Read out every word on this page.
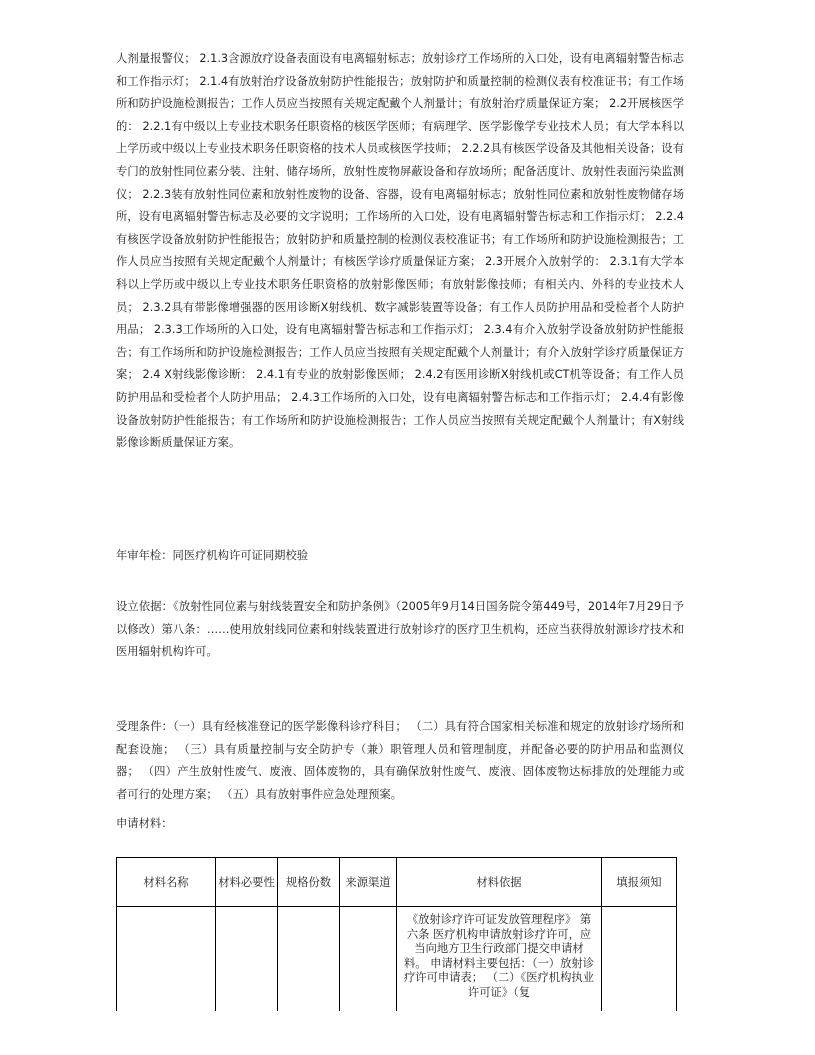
人剂量报警仪； 2.1.3含源放疗设备表面设有电离辐射标志；放射诊疗工作场所的入口处，设有电离辐射警告标志和工作指示灯； 2.1.4有放射治疗设备放射防护性能报告；放射防护和质量控制的检测仪表有校准证书；有工作场所和防护设施检测报告；工作人员应当按照有关规定配戴个人剂量计；有放射治疗质量保证方案； 2.2开展核医学的： 2.2.1有中级以上专业技术职务任职资格的核医学医师；有病理学、医学影像学专业技术人员；有大学本科以上学历或中级以上专业技术职务任职资格的技术人员或核医学技师； 2.2.2具有核医学设备及其他相关设备；设有专门的放射性同位素分装、注射、储存场所，放射性废物屏蔽设备和存放场所；配备活度计、放射性表面污染监测仪； 2.2.3装有放射性同位素和放射性废物的设备、容器，设有电离辐射标志；放射性同位素和放射性废物储存场所，设有电离辐射警告标志及必要的文字说明；工作场所的入口处，设有电离辐射警告标志和工作指示灯； 2.2.4有核医学设备放射防护性能报告；放射防护和质量控制的检测仪表校准证书；有工作场所和防护设施检测报告；工作人员应当按照有关规定配戴个人剂量计；有核医学诊疗质量保证方案； 2.3开展介入放射学的： 2.3.1有大学本科以上学历或中级以上专业技术职务任职资格的放射影像医师；有放射影像技师；有相关内、外科的专业技术人员； 2.3.2具有带影像增强器的医用诊断X射线机、数字减影装置等设备；有工作人员防护用品和受检者个人防护用品； 2.3.3工作场所的入口处，设有电离辐射警告标志和工作指示灯； 2.3.4有介入放射学设备放射防护性能报告；有工作场所和防护设施检测报告；工作人员应当按照有关规定配戴个人剂量计；有介入放射学诊疗质量保证方案； 2.4 X射线影像诊断： 2.4.1有专业的放射影像医师； 2.4.2有医用诊断X射线机或CT机等设备；有工作人员防护用品和受检者个人防护用品； 2.4.3工作场所的入口处，设有电离辐射警告标志和工作指示灯； 2.4.4有影像设备放射防护性能报告；有工作场所和防护设施检测报告；工作人员应当按照有关规定配戴个人剂量计；有X射线影像诊断质量保证方案。

年审年检：同医疗机构许可证同期校验

设立依据：《放射性同位素与射线装置安全和防护条例》（2005年9月14日国务院令第449号，2014年7月29日予以修改）第八条：……使用放射线同位素和射线装置进行放射诊疗的医疗卫生机构，还应当获得放射源诊疗技术和医用辐射机构许可。

受理条件：（一）具有经核准登记的医学影像科诊疗科目； （二）具有符合国家相关标准和规定的放射诊疗场所和配套设施； （三）具有质量控制与安全防护专（兼）职管理人员和管理制度，并配备必要的防护用品和监测仪器； （四）产生放射性废气、废液、固体废物的，具有确保放射性废气、废液、固体废物达标排放的处理能力或者可行的处理方案； （五）具有放射事件应急处理预案。

申请材料：

材料名称	材料必要性	规格份数	来源渠道	材料依据	填报须知
				《放射诊疗许可证发放管理程序》 第六条 医疗机构申请放射诊疗许可，应当向地方卫生行政部门提交申请材料。 申请材料主要包括：（一）放射诊疗许可申请表； （二）《医疗机构执业许可证》（复	
